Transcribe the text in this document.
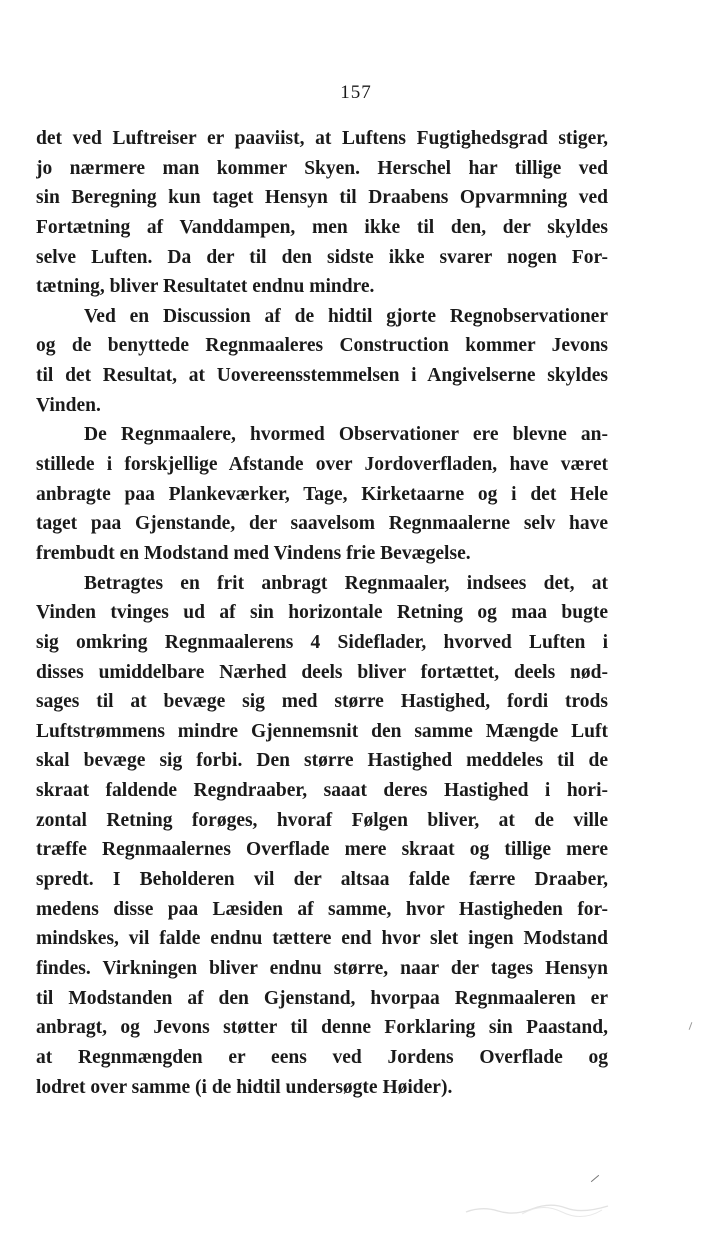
157
det ved Luftreiser er paaviist, at Luftens Fugtighedsgrad stiger,
jo nærmere man kommer Skyen. Herschel har tillige ved
sin Beregning kun taget Hensyn til Draabens Opvarmning ved
Fortætning af Vanddampen, men ikke til den, der skyldes
selve Luften. Da der til den sidste ikke svarer nogen For-
tætning, bliver Resultatet endnu mindre.
Ved en Discussion af de hidtil gjorte Regnobservationer
og de benyttede Regnmaaleres Construction kommer Jevons
til det Resultat, at Uovereensstemmelsen i Angivelserne skyldes
Vinden.
De Regnmaalere, hvormed Observationer ere blevne an-
stillede i forskjellige Afstande over Jordoverfladen, have været
anbragte paa Plankeværker, Tage, Kirketaarne og i det Hele
taget paa Gjenstande, der saavelsom Regnmaalerne selv have
frembudt en Modstand med Vindens frie Bevægelse.
Betragtes en frit anbragt Regnmaaler, indsees det, at
Vinden tvinges ud af sin horizontale Retning og maa bugte
sig omkring Regnmaalerens 4 Sideflader, hvorved Luften i
disses umiddelbare Nærhed deels bliver fortættet, deels nød-
sages til at bevæge sig med større Hastighed, fordi trods
Luftstrømmens mindre Gjennemsnit den samme Mængde Luft
skal bevæge sig forbi. Den større Hastighed meddeles til de
skraat faldende Regndraaber, saaat deres Hastighed i hori-
zontal Retning forøges, hvoraf Følgen bliver, at de ville
træffe Regnmaalernes Overflade mere skraat og tillige mere
spredt. I Beholderen vil der altsaa falde færre Draaber,
medens disse paa Læsiden af samme, hvor Hastigheden for-
mindskes, vil falde endnu tættere end hvor slet ingen Modstand
findes. Virkningen bliver endnu større, naar der tages Hensyn
til Modstanden af den Gjenstand, hvorpaa Regnmaaleren er
anbragt, og Jevons støtter til denne Forklaring sin Paastand,
at Regnmængden er eens ved Jordens Overflade og
lodret over samme (i de hidtil undersøgte Høider).
